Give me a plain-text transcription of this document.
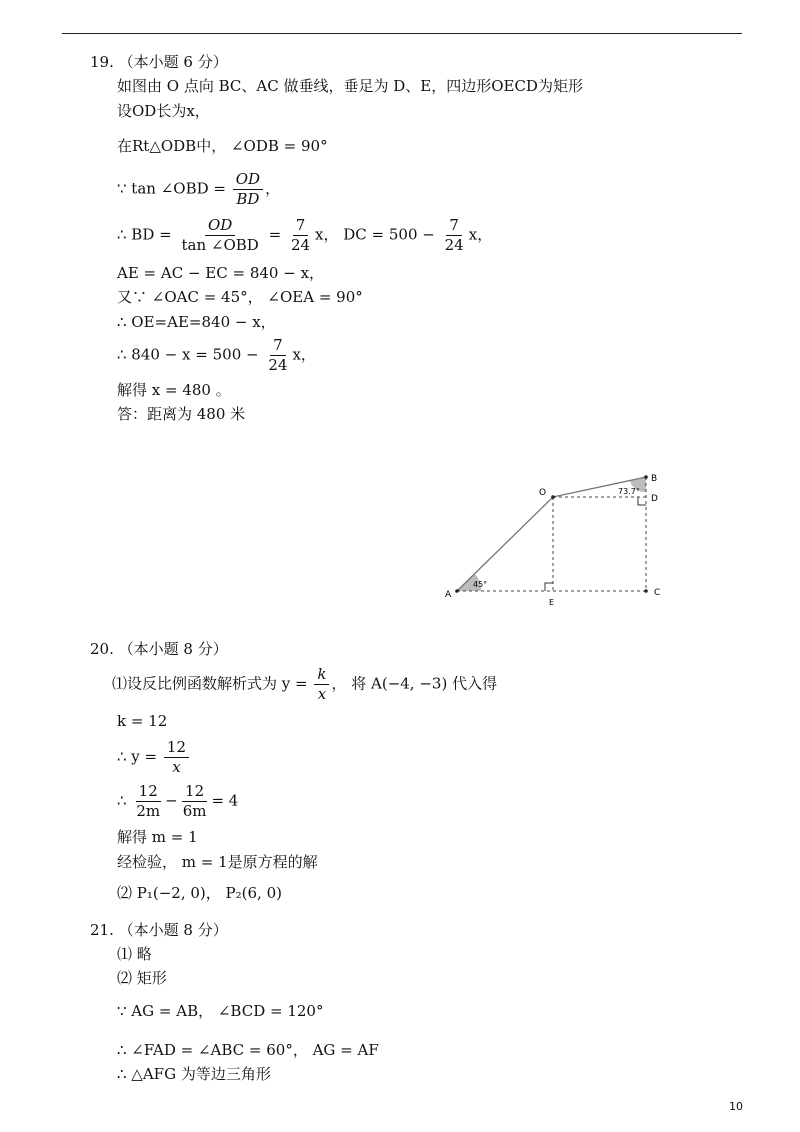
19. （本小题 6 分）
如图由 O 点向 BC、AC 做垂线，垂足为 D、E，四边形OECD为矩形
设OD长为x，
在Rt△ODB中， ∠ODB = 90°
∵ tan ∠OBD = $\frac{OD}{BD}$ ，
∴ BD = $\frac{OD}{\text{tan ∠OBD}} = \frac{7}{24}$ x， DC = $500 - \frac{7}{24}$ x，
AE = AC − EC = 840 − x，
又∵ ∠OAC = 45°， ∠OEA = 90°
∴ OE=AE=840 − x，
∴ $840 - x = 500 - \frac{7}{24}$ x，
解得 x = 480 。
答：距离为 480 米
A
O
B
D
C
E
45°
73.7°
20. （本小题 8 分）
⑴设反比例函数解析式为 $y = \frac{k}{x}$ ， 将 A(−4, −3) 代入得
k = 12
∴ $y = \frac{12}{x}$
∴ $\frac{12}{2m} - \frac{12}{6m} = 4$
解得 m = 1
经检验， m = 1是原方程的解
⑵ P₁(−2, 0)， P₂(6, 0)
21. （本小题 8 分）
⑴ 略
⑵ 矩形
∵ AG = AB， ∠BCD = 120°
∴ ∠FAD = ∠ABC = 60°， AG = AF
∴ △AFG 为等边三角形
10
